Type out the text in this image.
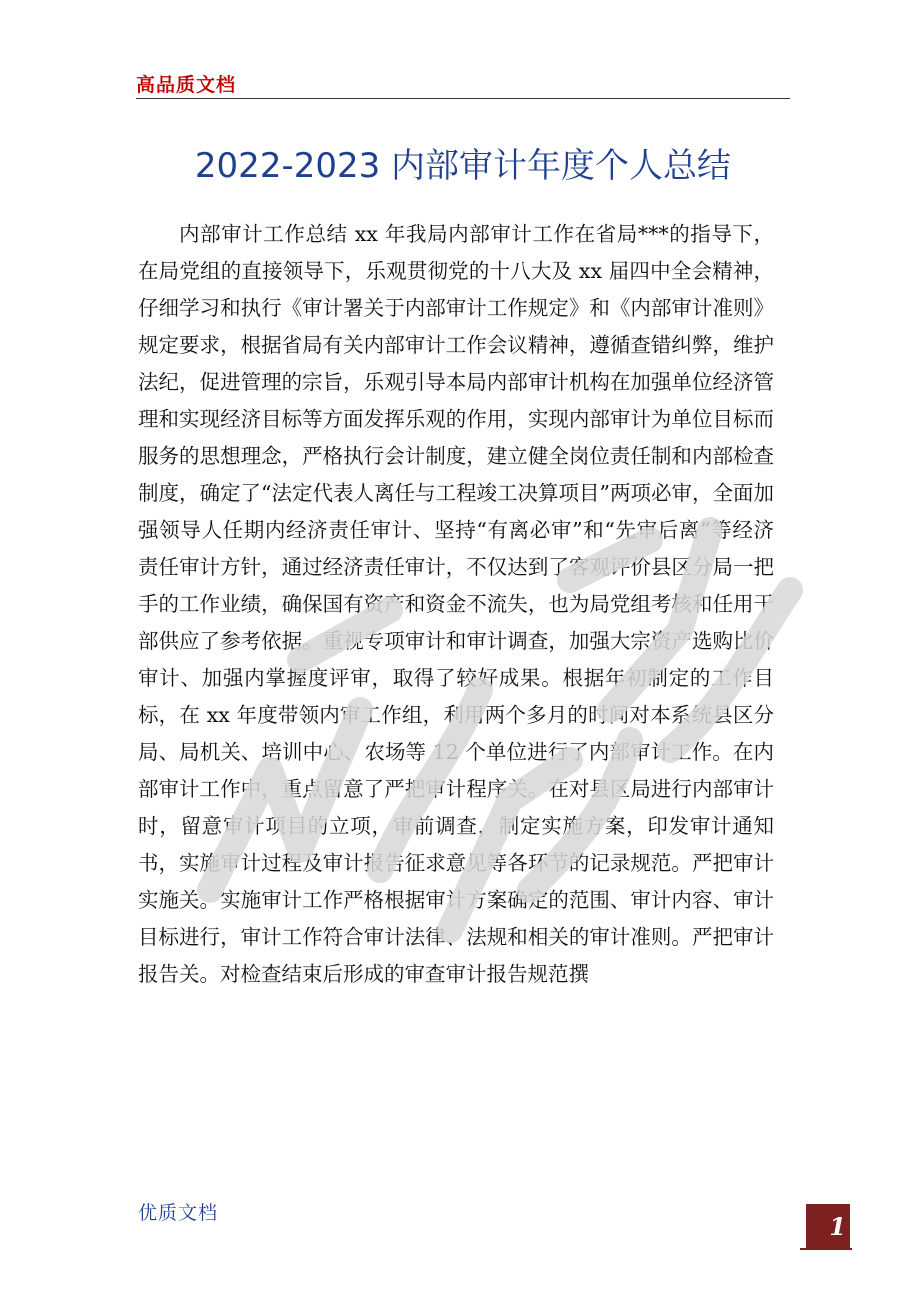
高品质文档
2022-2023 内部审计年度个人总结

内部审计工作总结 xx 年我局内部审计工作在省局***的指导下，在局党组的直接领导下，乐观贯彻党的十八大及 xx 届四中全会精神，仔细学习和执行《审计署关于内部审计工作规定》和《内部审计准则》规定要求，根据省局有关内部审计工作会议精神，遵循查错纠弊，维护法纪，促进管理的宗旨，乐观引导本局内部审计机构在加强单位经济管理和实现经济目标等方面发挥乐观的作用，实现内部审计为单位目标而服务的思想理念，严格执行会计制度，建立健全岗位责任制和内部检查制度，确定了“法定代表人离任与工程竣工决算项目”两项必审，全面加强领导人任期内经济责任审计、坚持“有离必审”和“先审后离”等经济责任审计方针，通过经济责任审计，不仅达到了客观评价县区分局一把手的工作业绩，确保国有资产和资金不流失，也为局党组考核和任用干部供应了参考依据。重视专项审计和审计调查，加强大宗资产选购比价审计、加强内掌握度评审，取得了较好成果。根据年初制定的工作目标，在 xx 年度带领内审工作组，利用两个多月的时间对本系统县区分局、局机关、培训中心、农场等 12 个单位进行了内部审计工作。在内部审计工作中，重点留意了严把审计程序关。在对县区局进行内部审计时，留意审计项目的立项，审前调查，制定实施方案，印发审计通知书，实施审计过程及审计报告征求意见等各环节的记录规范。严把审计实施关。实施审计工作严格根据审计方案确定的范围、审计内容、审计目标进行，审计工作符合审计法律、法规和相关的审计准则。严把审计报告关。对检查结束后形成的审查审计报告规范撰

优质文档	1
